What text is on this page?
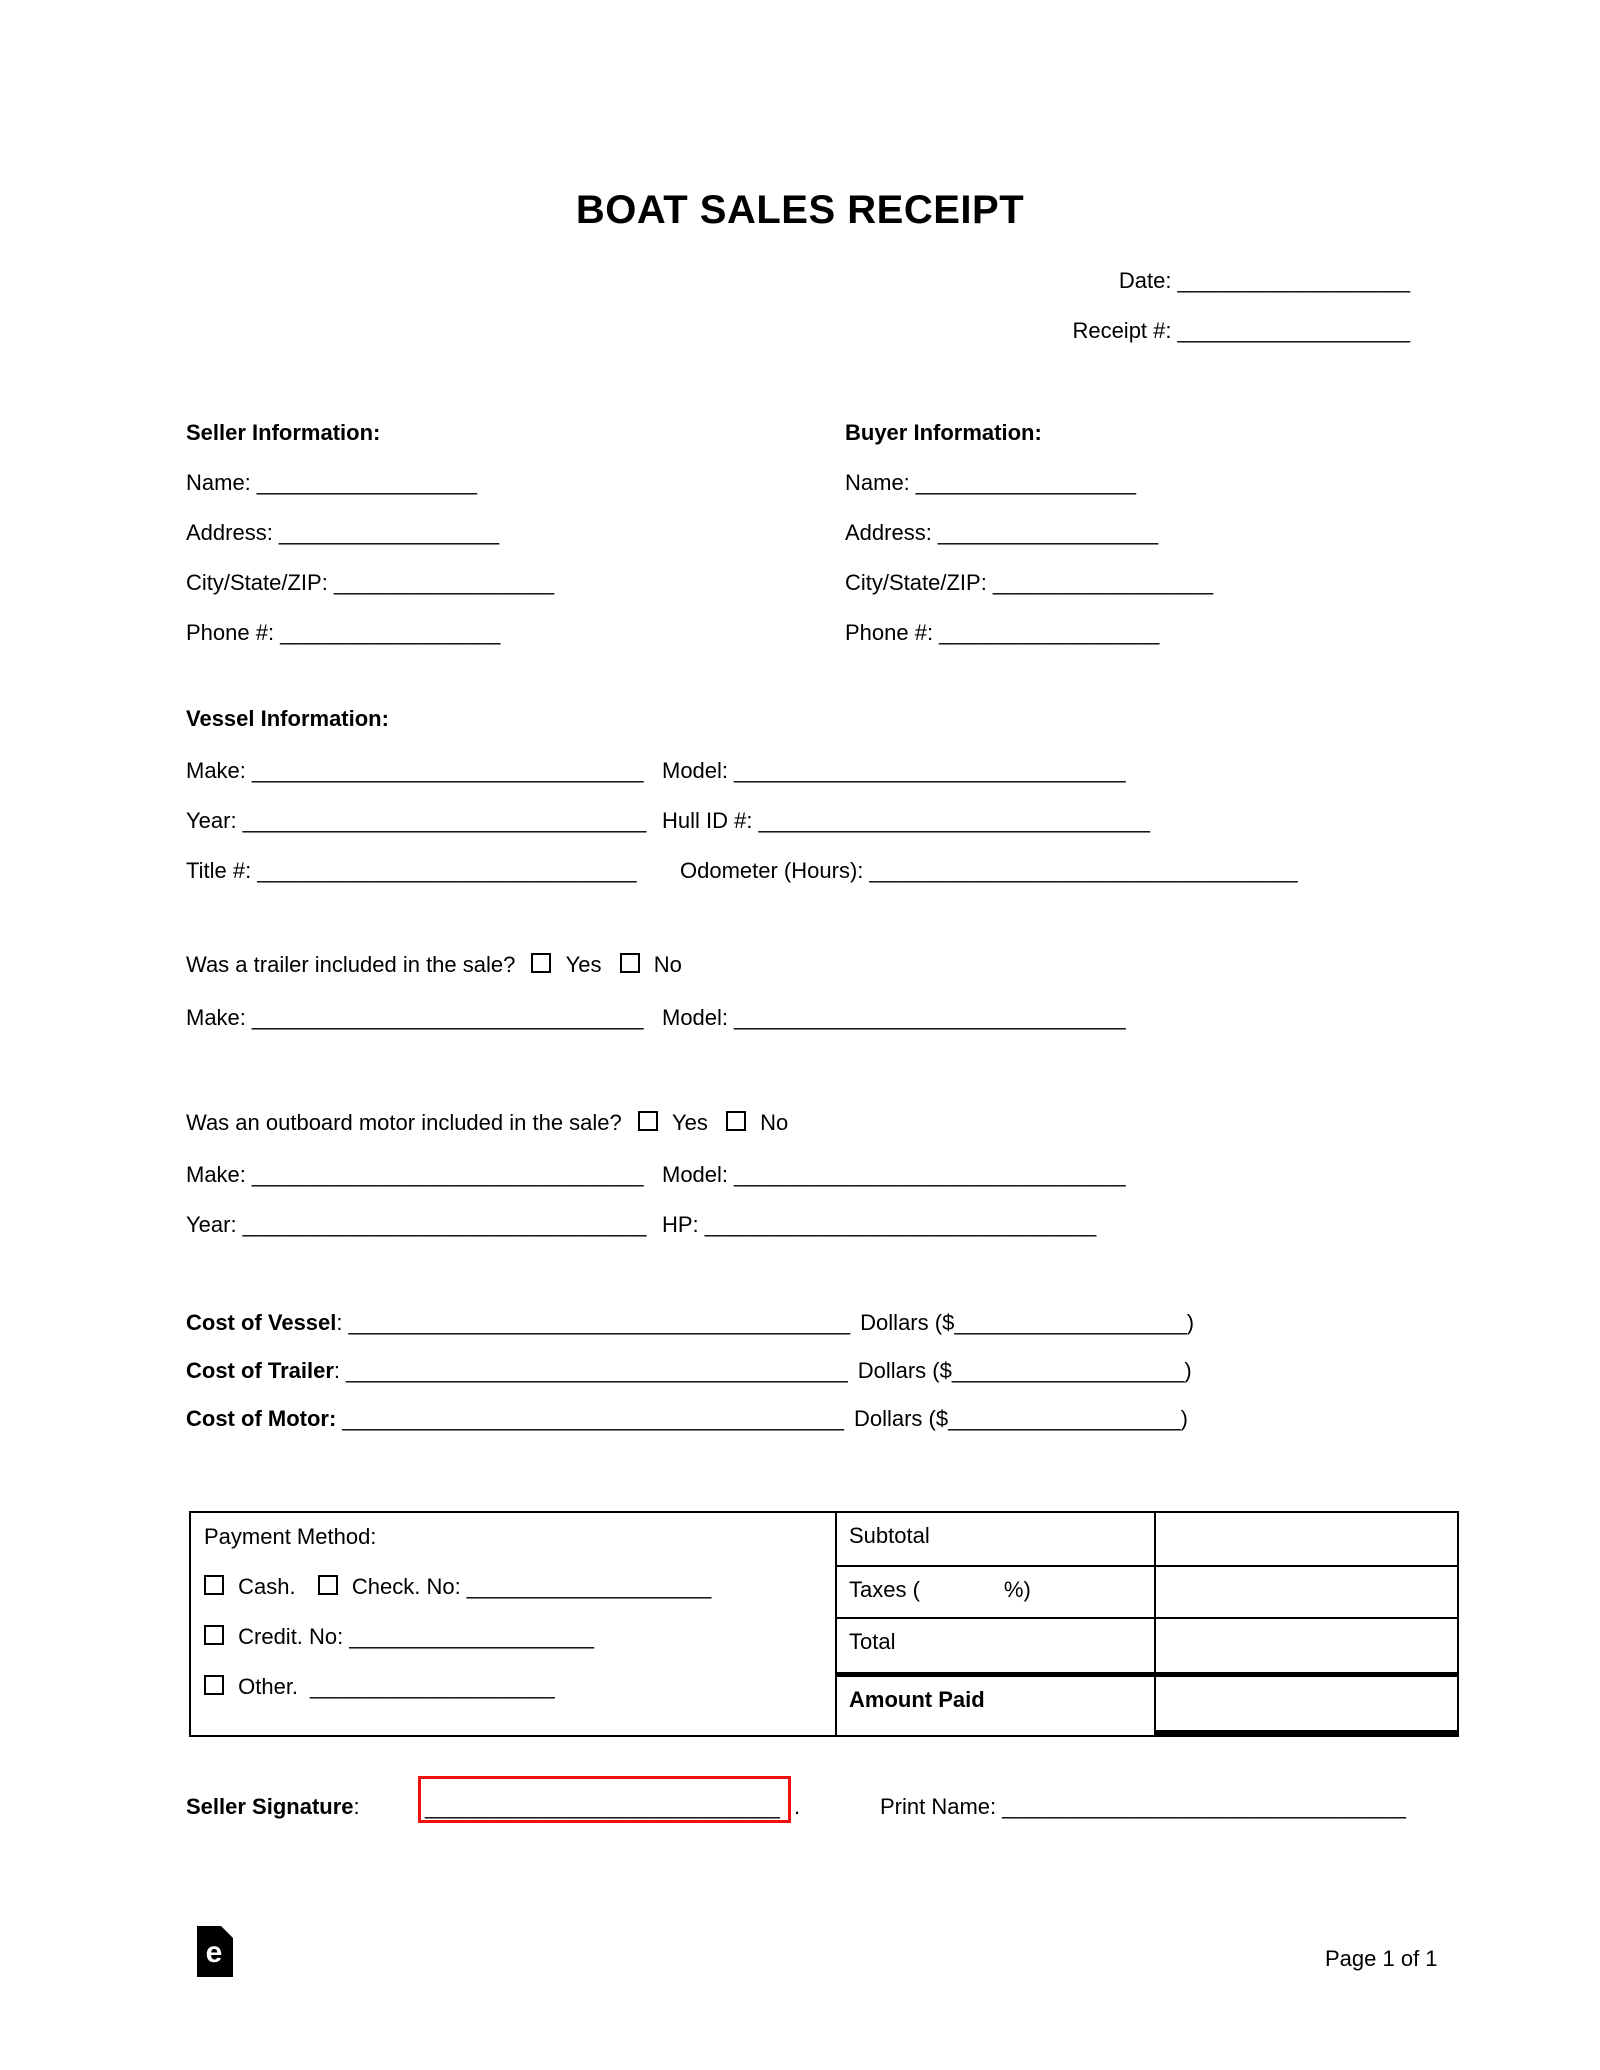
BOAT SALES RECEIPT
Date: ___________________
Receipt #: ___________________
Seller Information:
Name: __________________
Address: __________________
City/State/ZIP: __________________
Phone #: __________________
Buyer Information:
Name: __________________
Address: __________________
City/State/ZIP: __________________
Phone #: __________________
Vessel Information:
Make: ________________________________ Model: ________________________________
Year: _________________________________ Hull ID #: ________________________________
Title #: _______________________________ Odometer (Hours): ___________________________________
Was a trailer included in the sale? Yes No
Make: ________________________________ Model: ________________________________
Was an outboard motor included in the sale? Yes No
Make: ________________________________ Model: ________________________________
Year: _________________________________ HP: ________________________________
Cost of Vessel: _________________________________________ Dollars ($___________________)
Cost of Trailer: _________________________________________ Dollars ($___________________)
Cost of Motor: _________________________________________ Dollars ($___________________)
Payment Method:
Cash.	Check. No: ____________________
Credit. No: ____________________
Other. ____________________
Subtotal
Taxes (	%)
Total
Amount Paid
Seller Signature:	_____________________________ .	Print Name: _________________________________
e	Page 1 of 1
